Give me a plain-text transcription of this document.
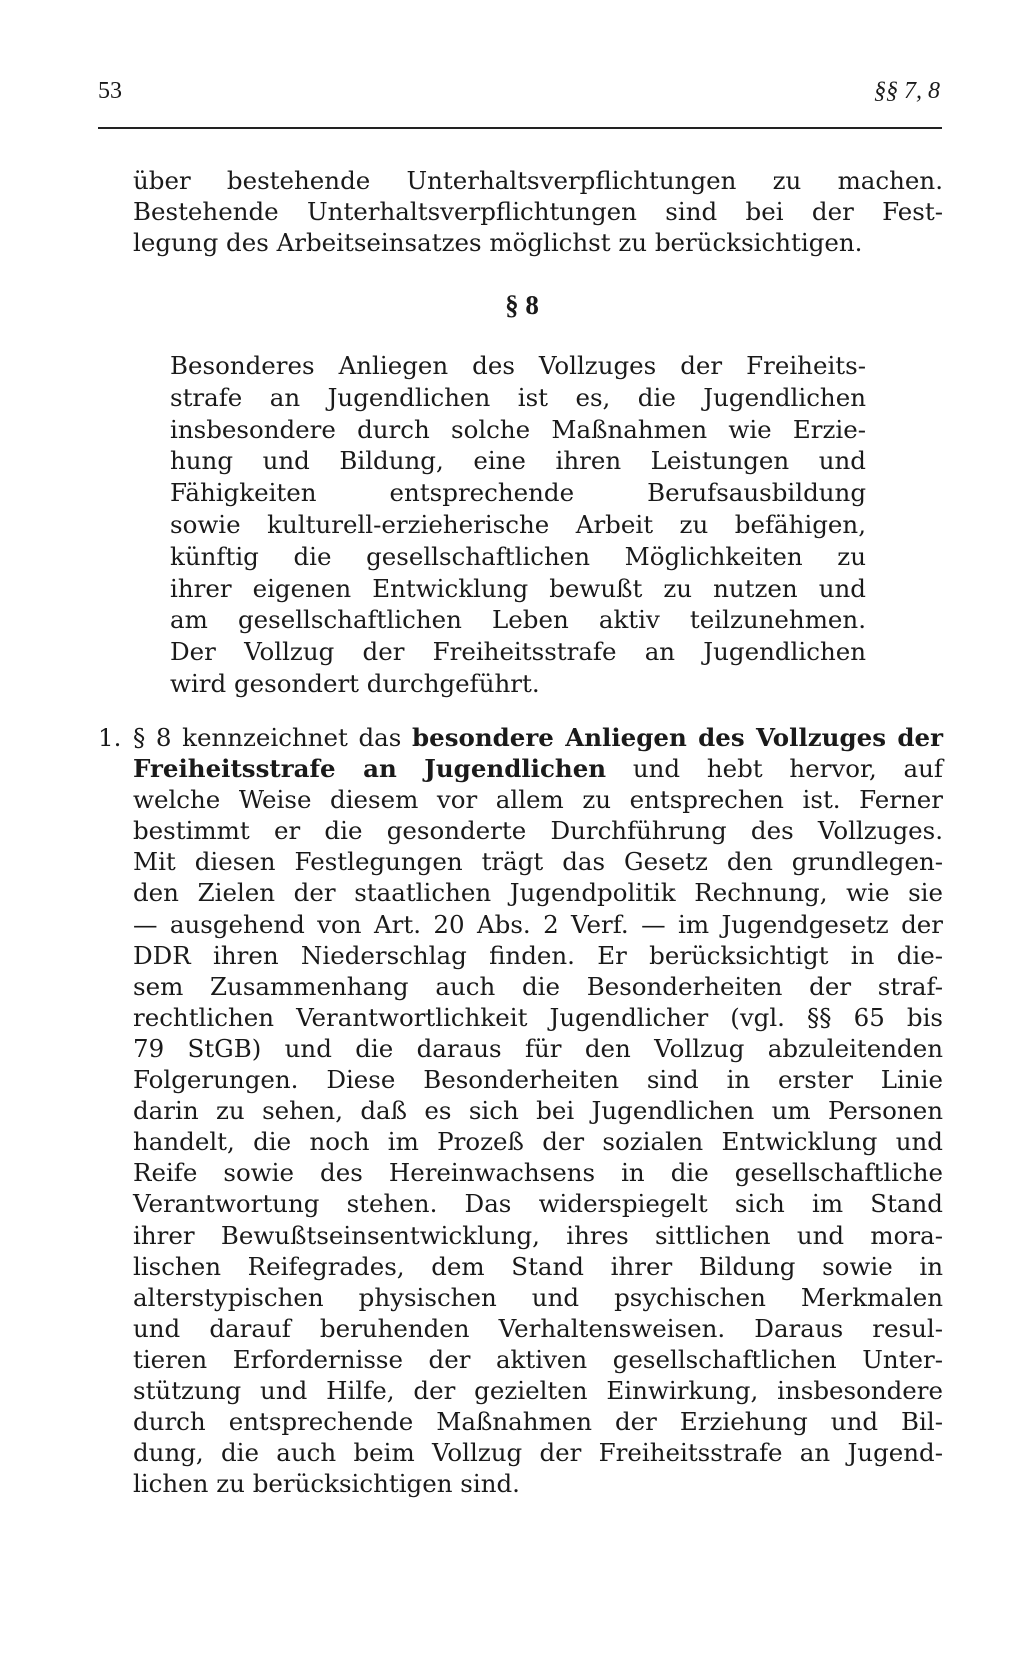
53	§§ 7, 8
über bestehende Unterhaltsverpflichtungen zu machen.
Bestehende Unterhaltsverpflichtungen sind bei der Fest-
legung des Arbeitseinsatzes möglichst zu berücksichtigen.
§ 8
Besonderes Anliegen des Vollzuges der Freiheits-
strafe an Jugendlichen ist es, die Jugendlichen
insbesondere durch solche Maßnahmen wie Erzie-
hung und Bildung, eine ihren Leistungen und
Fähigkeiten entsprechende Berufsausbildung
sowie kulturell-erzieherische Arbeit zu befähigen,
künftig die gesellschaftlichen Möglichkeiten zu
ihrer eigenen Entwicklung bewußt zu nutzen und
am gesellschaftlichen Leben aktiv teilzunehmen.
Der Vollzug der Freiheitsstrafe an Jugendlichen
wird gesondert durchgeführt.
1. § 8 kennzeichnet das besondere Anliegen des Vollzuges der
Freiheitsstrafe an Jugendlichen und hebt hervor, auf
welche Weise diesem vor allem zu entsprechen ist. Ferner
bestimmt er die gesonderte Durchführung des Vollzuges.
Mit diesen Festlegungen trägt das Gesetz den grundlegen-
den Zielen der staatlichen Jugendpolitik Rechnung, wie sie
— ausgehend von Art. 20 Abs. 2 Verf. — im Jugendgesetz der
DDR ihren Niederschlag finden. Er berücksichtigt in die-
sem Zusammenhang auch die Besonderheiten der straf-
rechtlichen Verantwortlichkeit Jugendlicher (vgl. §§ 65 bis
79 StGB) und die daraus für den Vollzug abzuleitenden
Folgerungen. Diese Besonderheiten sind in erster Linie
darin zu sehen, daß es sich bei Jugendlichen um Personen
handelt, die noch im Prozeß der sozialen Entwicklung und
Reife sowie des Hereinwachsens in die gesellschaftliche
Verantwortung stehen. Das widerspiegelt sich im Stand
ihrer Bewußtseinsentwicklung, ihres sittlichen und mora-
lischen Reifegrades, dem Stand ihrer Bildung sowie in
alterstypischen physischen und psychischen Merkmalen
und darauf beruhenden Verhaltensweisen. Daraus resul-
tieren Erfordernisse der aktiven gesellschaftlichen Unter-
stützung und Hilfe, der gezielten Einwirkung, insbesondere
durch entsprechende Maßnahmen der Erziehung und Bil-
dung, die auch beim Vollzug der Freiheitsstrafe an Jugend-
lichen zu berücksichtigen sind.
